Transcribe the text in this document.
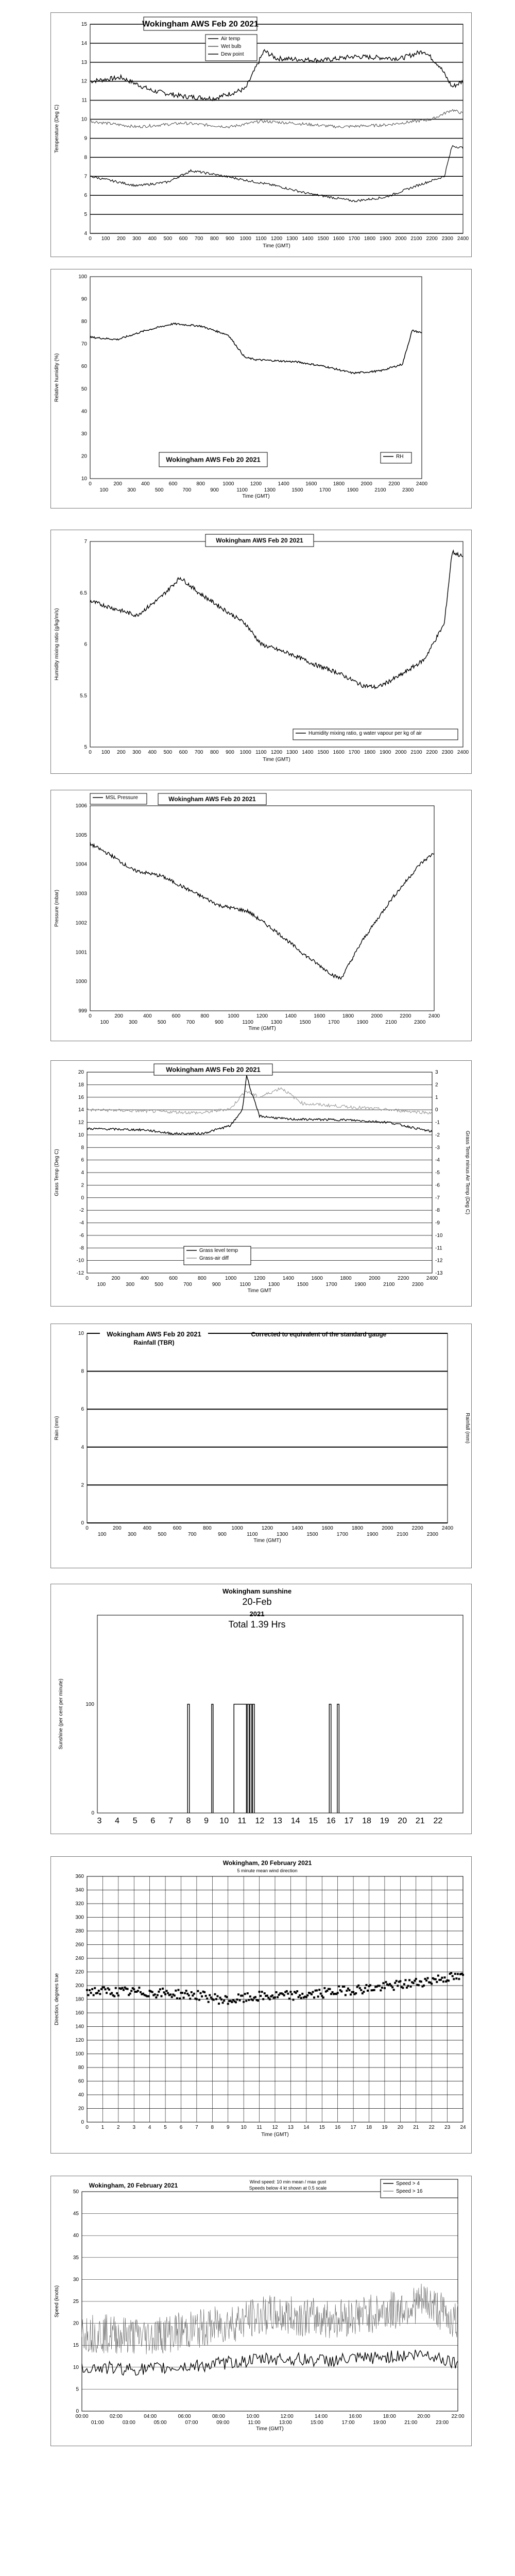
4
5
6
7
8
9
10
11
12
13
14
15
0 100 200 300 400 500 600 700 800 900 1000 1100 1200 1300 1400 1500 1600 1700 1800 1900 2000 2100 2200 2300 2400
Time (GMT)
Temperature (Deg C)
Wokingham AWS Feb 20 2021
Air temp
Wet bulb
Dew point
10
20
30
40
50
60
70
80
90
100
0	200	400	600	800	1000	1200	1400	1600	1800	2000	2200	2400
100	300	500	700	900	1100	1300	1500	1700	1900	2100	2300
Time (GMT)
Relative humidity (%)
Wokingham AWS Feb 20 2021	RH
5
5.5
6
6.5
7
0 100 200 300 400 500 600 700 800 900 1000 1100 1200 1300 1400 1500 1600 1700 1800 1900 2000 2100 2200 2300 2400
Time (GMT)
Humidity mixing ratio (g/kg/m/s)
Wokingham AWS Feb 20 2021
Humidity mixing ratio, g water vapour per kg of air
999
1000
1001
1002
1003
1004
1005
1006
0	200	400	600	800	1000	1200	1400	1600	1800	2000	2200	2400
100	300	500	700	900	1100	1300	1500	1700	1900	2100	2300
Time (GMT)
Pressure (mbar)
Wokingham AWS Feb 20 2021
MSL Pressure
-12
-10
-8
-6
-4
-2
0
2
4
6
8
10
12
14
16
18
20
-13
-12
-11
-10
-9
-8
-7
-6
-5
-4
-3
-2
-1
0
1
2
3
0	200	400	600	800	1000	1200	1400	1600	1800	2000	2200	2400
100	300	500	700	900	1100	1300	1500	1700	1900	2100	2300
Time GMT
Grass Temp (Deg C)	Grass Temp minus Air Temp (Deg C)
Wokingham AWS Feb 20 2021
Grass level temp
Grass-air diff
0
2
4
6
8
10
0	200	400	600	800	1000	1200	1400	1600	1800	2000	2200	2400
100	300	500	700	900	1100	1300	1500	1700	1900	2100	2300
Time (GMT)
Rain (mm)	Rainfall (mm)
Wokingham AWS Feb 20 2021
Rainfall (TBR)
Corrected to equivalent of the standard gauge
Wokingham sunshine
20-Feb
2021
Total 1.39 Hrs
0
100
Sunshine (per cent per minute)
3 4 5 6 7 8 9 10 11 12 13 14 15 16 17 18 19 20 21 22
0
20
40
60
80
100
120
140
160
180
200
220
240
260
280
300
320
340
360
0 1 2 3 4 5 6 7 8 9 10 11 12 13 14 15 16 17 18 19 20 21 22 23 24
Time (GMT)
Direction, degrees true
Wokingham, 20 February 2021
5 minute mean wind direction
0
5
10
15
20
25
30
35
40
45
50
00:00	02:00	04:00	06:00	08:00	10:00	12:00	14:00	16:00	18:00	20:00	22:00
01:00	03:00	05:00	07:00	09:00	11:00	13:00	15:00	17:00	19:00	21:00	23:00
Time (GMT)
Speed (knots)
Wokingham, 20 February 2021	Wind speed: 10 min mean / max gust
Speeds below 4 kt shown at 0.5 scale
Speed > 4
Speed > 16
